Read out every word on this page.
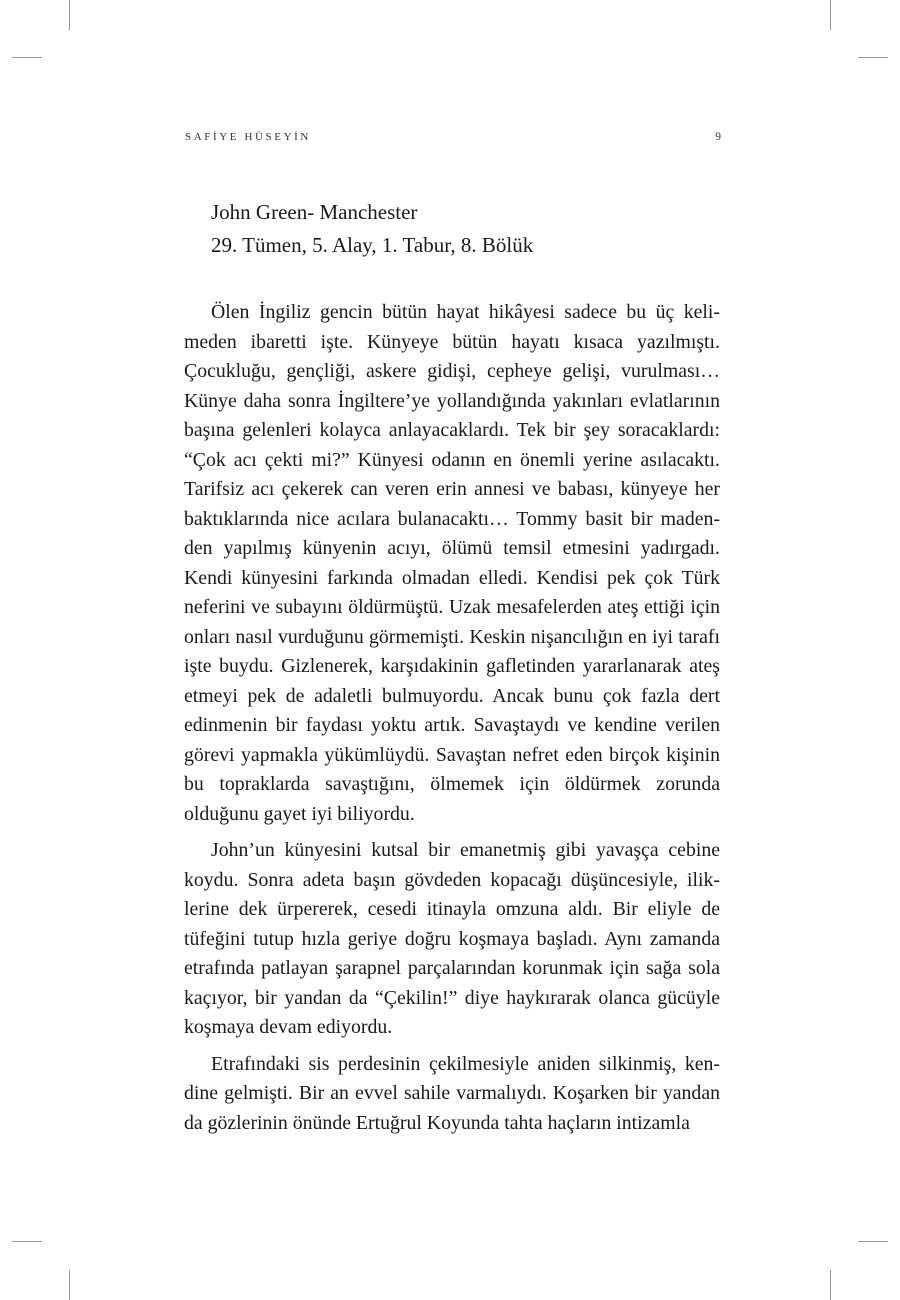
SAFİYE HÜSEYİN	9
John Green- Manchester
29. Tümen, 5. Alay, 1. Tabur, 8. Bölük

Ölen İngiliz gencin bütün hayat hikâyesi sadece bu üç kelimeden ibaretti işte. Künyeye bütün hayatı kısaca yazılmıştı. Çocukluğu, gençliği, askere gidişi, cepheye gelişi, vurulması… Künye daha sonra İngiltere’ye yollandığında yakınları evlatlarının başına gelenleri kolayca anlayacaklardı. Tek bir şey soracaklardı: “Çok acı çekti mi?” Künyesi odanın en önemli yerine asılacaktı. Tarifsiz acı çekerek can veren erin annesi ve babası, künyeye her baktıklarında nice acılara bulanacaktı… Tommy basit bir madenden yapılmış künyenin acıyı, ölümü temsil etmesini yadırgadı. Kendi künyesini farkında olmadan elledi. Kendisi pek çok Türk neferini ve subayını öldürmüştü. Uzak mesafelerden ateş ettiği için onları nasıl vurduğunu görmemişti. Keskin nişancılığın en iyi tarafı işte buydu. Gizlenerek, karşıdakinin gafletinden yararlanarak ateş etmeyi pek de adaletli bulmuyordu. Ancak bunu çok fazla dert edinmenin bir faydası yoktu artık. Savaştaydı ve kendine verilen görevi yapmakla yükümlüydü. Savaştan nefret eden birçok kişinin bu topraklarda savaştığını, ölmemek için öldürmek zorunda olduğunu gayet iyi biliyordu.

John’un künyesini kutsal bir emanetmiş gibi yavaşça cebine koydu. Sonra adeta başın gövdeden kopacağı düşüncesiyle, iliklerine dek ürpererek, cesedi itinayla omzuna aldı. Bir eliyle de tüfeğini tutup hızla geriye doğru koşmaya başladı. Aynı zamanda etrafında patlayan şarapnel parçalarından korunmak için sağa sola kaçıyor, bir yandan da “Çekilin!” diye haykırarak olanca gücüyle koşmaya devam ediyordu.

Etrafındaki sis perdesinin çekilmesiyle aniden silkinmiş, kendine gelmişti. Bir an evvel sahile varmalıydı. Koşarken bir yandan da gözlerinin önünde Ertuğrul Koyunda tahta haçların intizamla
